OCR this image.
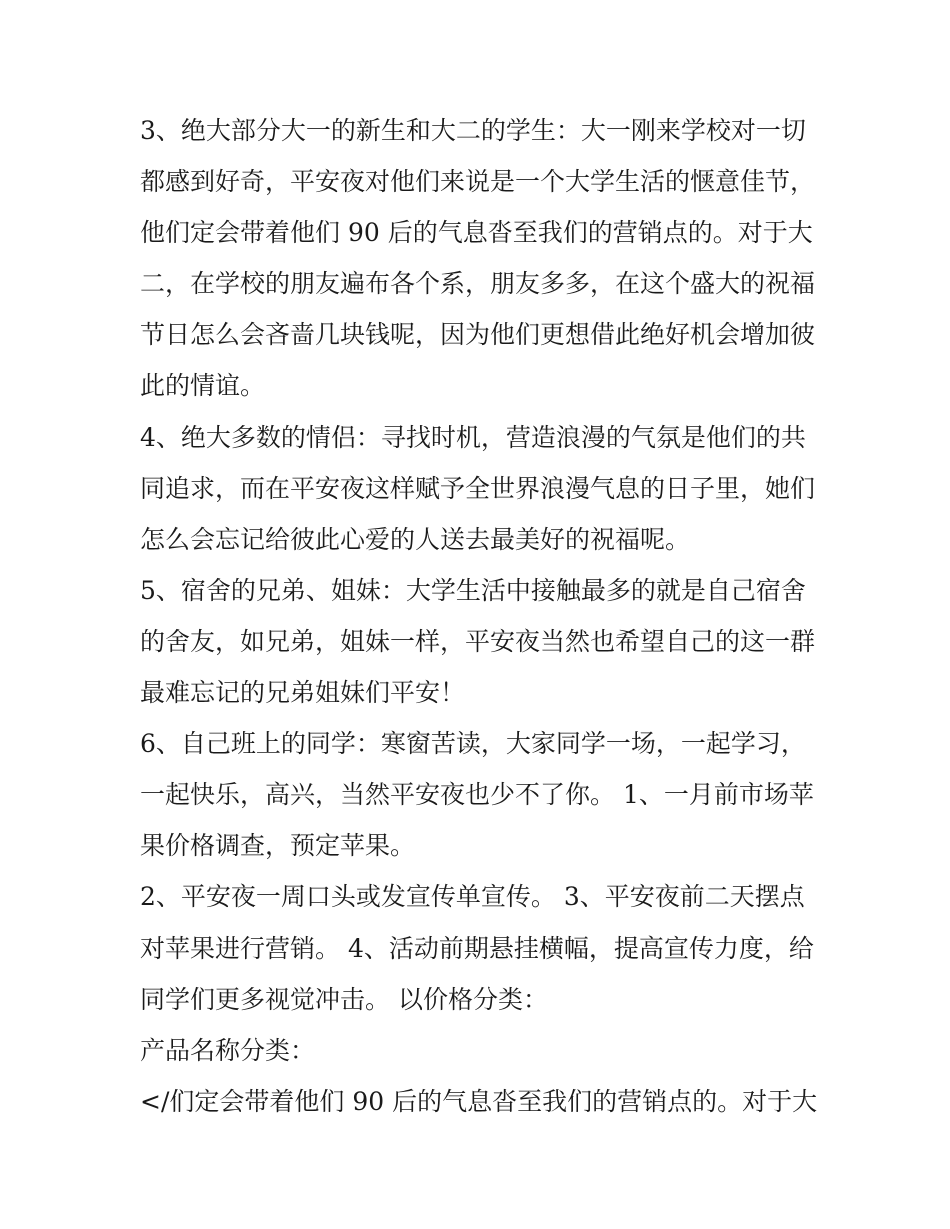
3、绝大部分大一的新生和大二的学生：大一刚来学校对一切
都感到好奇，平安夜对他们来说是一个大学生活的惬意佳节，
他们定会带着他们 90 后的气息沓至我们的营销点的。对于大
二，在学校的朋友遍布各个系，朋友多多，在这个盛大的祝福
节日怎么会吝啬几块钱呢，因为他们更想借此绝好机会增加彼
此的情谊。
4、绝大多数的情侣：寻找时机，营造浪漫的气氛是他们的共
同追求，而在平安夜这样赋予全世界浪漫气息的日子里，她们
怎么会忘记给彼此心爱的人送去最美好的祝福呢。
5、宿舍的兄弟、姐妹：大学生活中接触最多的就是自己宿舍
的舍友，如兄弟，姐妹一样，平安夜当然也希望自己的这一群
最难忘记的兄弟姐妹们平安！
6、自己班上的同学：寒窗苦读，大家同学一场，一起学习，
一起快乐，高兴，当然平安夜也少不了你。 1、一月前市场苹
果价格调查，预定苹果。
2、平安夜一周口头或发宣传单宣传。 3、平安夜前二天摆点
对苹果进行营销。 4、活动前期悬挂横幅，提高宣传力度，给
同学们更多视觉冲击。 以价格分类：
产品名称分类：
</们定会带着他们 90 后的气息沓至我们的营销点的。对于大
